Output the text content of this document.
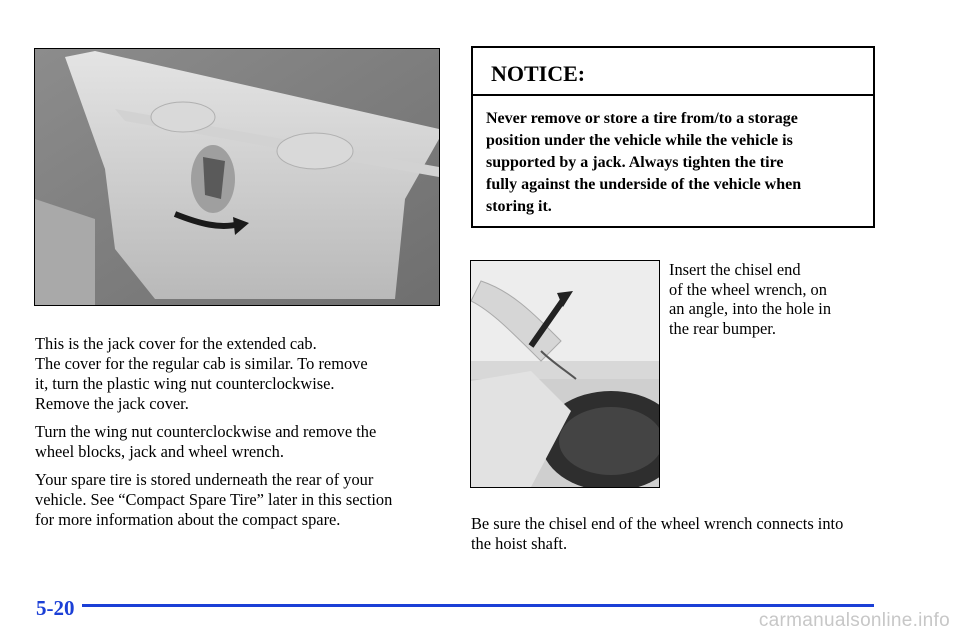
This is the jack cover for the extended cab.
The cover for the regular cab is similar. To remove
it, turn the plastic wing nut counterclockwise.
Remove the jack cover.

Turn the wing nut counterclockwise and remove the
wheel blocks, jack and wheel wrench.

Your spare tire is stored underneath the rear of your
vehicle. See “Compact Spare Tire” later in this section
for more information about the compact spare.

NOTICE:
Never remove or store a tire from/to a storage
position under the vehicle while the vehicle is
supported by a jack. Always tighten the tire
fully against the underside of the vehicle when
storing it.
Insert the chisel end
of the wheel wrench, on
an angle, into the hole in
the rear bumper.
Be sure the chisel end of the wheel wrench connects into
the hoist shaft.
5-20
carmanualsonline.info
